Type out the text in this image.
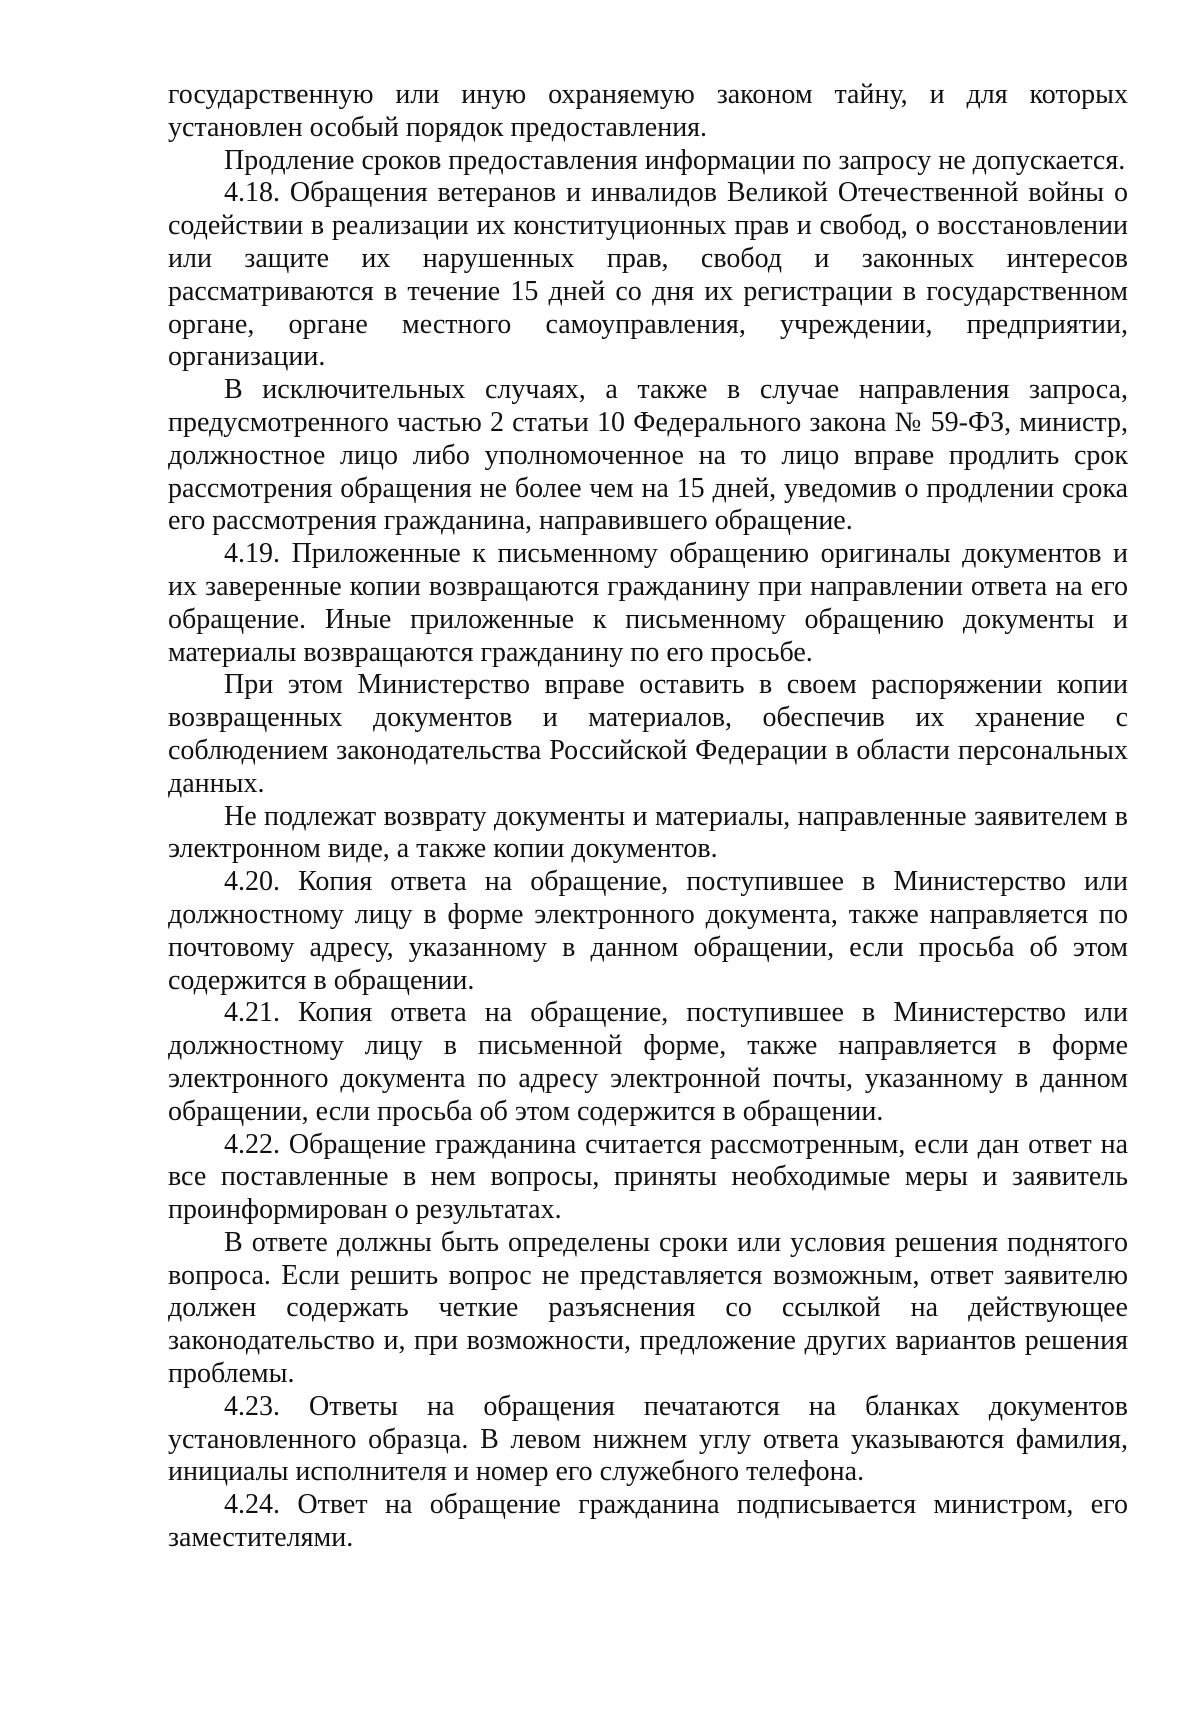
государственную или иную охраняемую законом тайну, и для которых установлен особый порядок предоставления.

Продление сроков предоставления информации по запросу не допускается.

4.18. Обращения ветеранов и инвалидов Великой Отечественной войны о содействии в реализации их конституционных прав и свобод, о восстановлении или защите их нарушенных прав, свобод и законных интересов рассматриваются в течение 15 дней со дня их регистрации в государственном органе, органе местного самоуправления, учреждении, предприятии, организации.

В исключительных случаях, а также в случае направления запроса, предусмотренного частью 2 статьи 10 Федерального закона № 59-ФЗ, министр, должностное лицо либо уполномоченное на то лицо вправе продлить срок рассмотрения обращения не более чем на 15 дней, уведомив о продлении срока его рассмотрения гражданина, направившего обращение.

4.19. Приложенные к письменному обращению оригиналы документов и их заверенные копии возвращаются гражданину при направлении ответа на его обращение. Иные приложенные к письменному обращению документы и материалы возвращаются гражданину по его просьбе.

При этом Министерство вправе оставить в своем распоряжении копии возвращенных документов и материалов, обеспечив их хранение с соблюдением законодательства Российской Федерации в области персональных данных.

Не подлежат возврату документы и материалы, направленные заявителем в электронном виде, а также копии документов.

4.20. Копия ответа на обращение, поступившее в Министерство или должностному лицу в форме электронного документа, также направляется по почтовому адресу, указанному в данном обращении, если просьба об этом содержится в обращении.

4.21. Копия ответа на обращение, поступившее в Министерство или должностному лицу в письменной форме, также направляется в форме электронного документа по адресу электронной почты, указанному в данном обращении, если просьба об этом содержится в обращении.

4.22. Обращение гражданина считается рассмотренным, если дан ответ на все поставленные в нем вопросы, приняты необходимые меры и заявитель проинформирован о результатах.

В ответе должны быть определены сроки или условия решения поднятого вопроса. Если решить вопрос не представляется возможным, ответ заявителю должен содержать четкие разъяснения со ссылкой на действующее законодательство и, при возможности, предложение других вариантов решения проблемы.

4.23. Ответы на обращения печатаются на бланках документов установленного образца. В левом нижнем углу ответа указываются фамилия, инициалы исполнителя и номер его служебного телефона.

4.24. Ответ на обращение гражданина подписывается министром, его заместителями.
